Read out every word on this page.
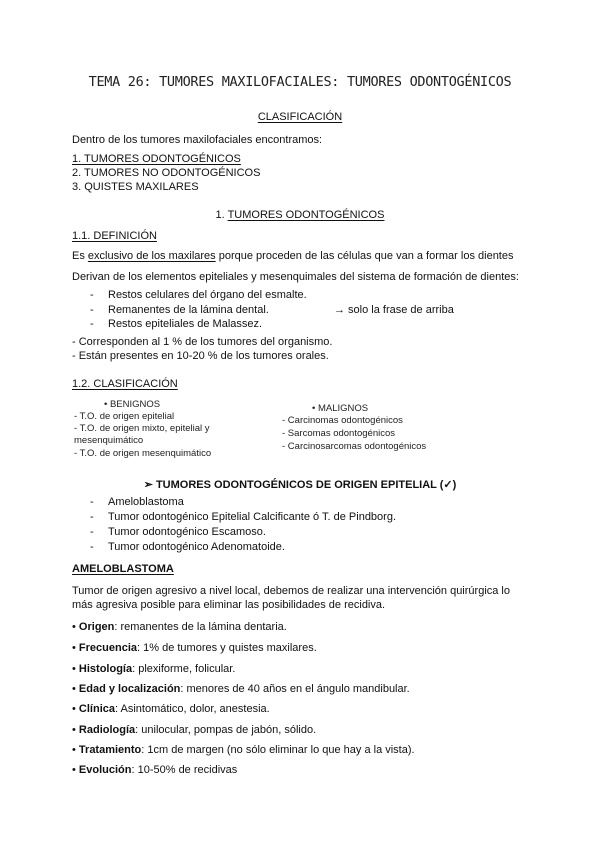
TEMA 26: TUMORES MAXILOFACIALES: TUMORES ODONTOGÉNICOS
CLASIFICACIÓN
Dentro de los tumores maxilofaciales encontramos:
1. TUMORES ODONTOGÉNICOS
2. TUMORES NO ODONTOGÉNICOS
3. QUISTES MAXILARES
1. TUMORES ODONTOGÉNICOS
1.1. DEFINICIÓN
Es exclusivo de los maxilares porque proceden de las células que van a formar los dientes
Derivan de los elementos epiteliales y mesenquimales del sistema de formación de dientes:
- Restos celulares del órgano del esmalte.
- Remanentes de la lámina dental.	→ solo la frase de arriba
- Restos epiteliales de Malassez.
- Corresponden al 1 % de los tumores del organismo.
- Están presentes en 10-20 % de los tumores orales.
1.2. CLASIFICACIÓN
• BENIGNOS
- T.O. de origen epitelial
- T.O. de origen mixto, epitelial y
mesenquimático
- T.O. de origen mesenquimático
• MALIGNOS
- Carcinomas odontogénicos
- Sarcomas odontogénicos
- Carcinosarcomas odontogénicos
➢ TUMORES ODONTOGÉNICOS DE ORIGEN EPITELIAL (✓)
- Ameloblastoma
- Tumor odontogénico Epitelial Calcificante ó T. de Pindborg.
- Tumor odontogénico Escamoso.
- Tumor odontogénico Adenomatoide.
AMELOBLASTOMA
Tumor de origen agresivo a nivel local, debemos de realizar una intervención quirúrgica lo
más agresiva posible para eliminar las posibilidades de recidiva.
• Origen: remanentes de la lámina dentaria.
• Frecuencia: 1% de tumores y quistes maxilares.
• Histología: plexiforme, folicular.
• Edad y localización: menores de 40 años en el ángulo mandibular.
• Clínica: Asintomático, dolor, anestesia.
• Radiología: unilocular, pompas de jabón, sólido.
• Tratamiento: 1cm de margen (no sólo eliminar lo que hay a la vista).
• Evolución: 10-50% de recidivas
